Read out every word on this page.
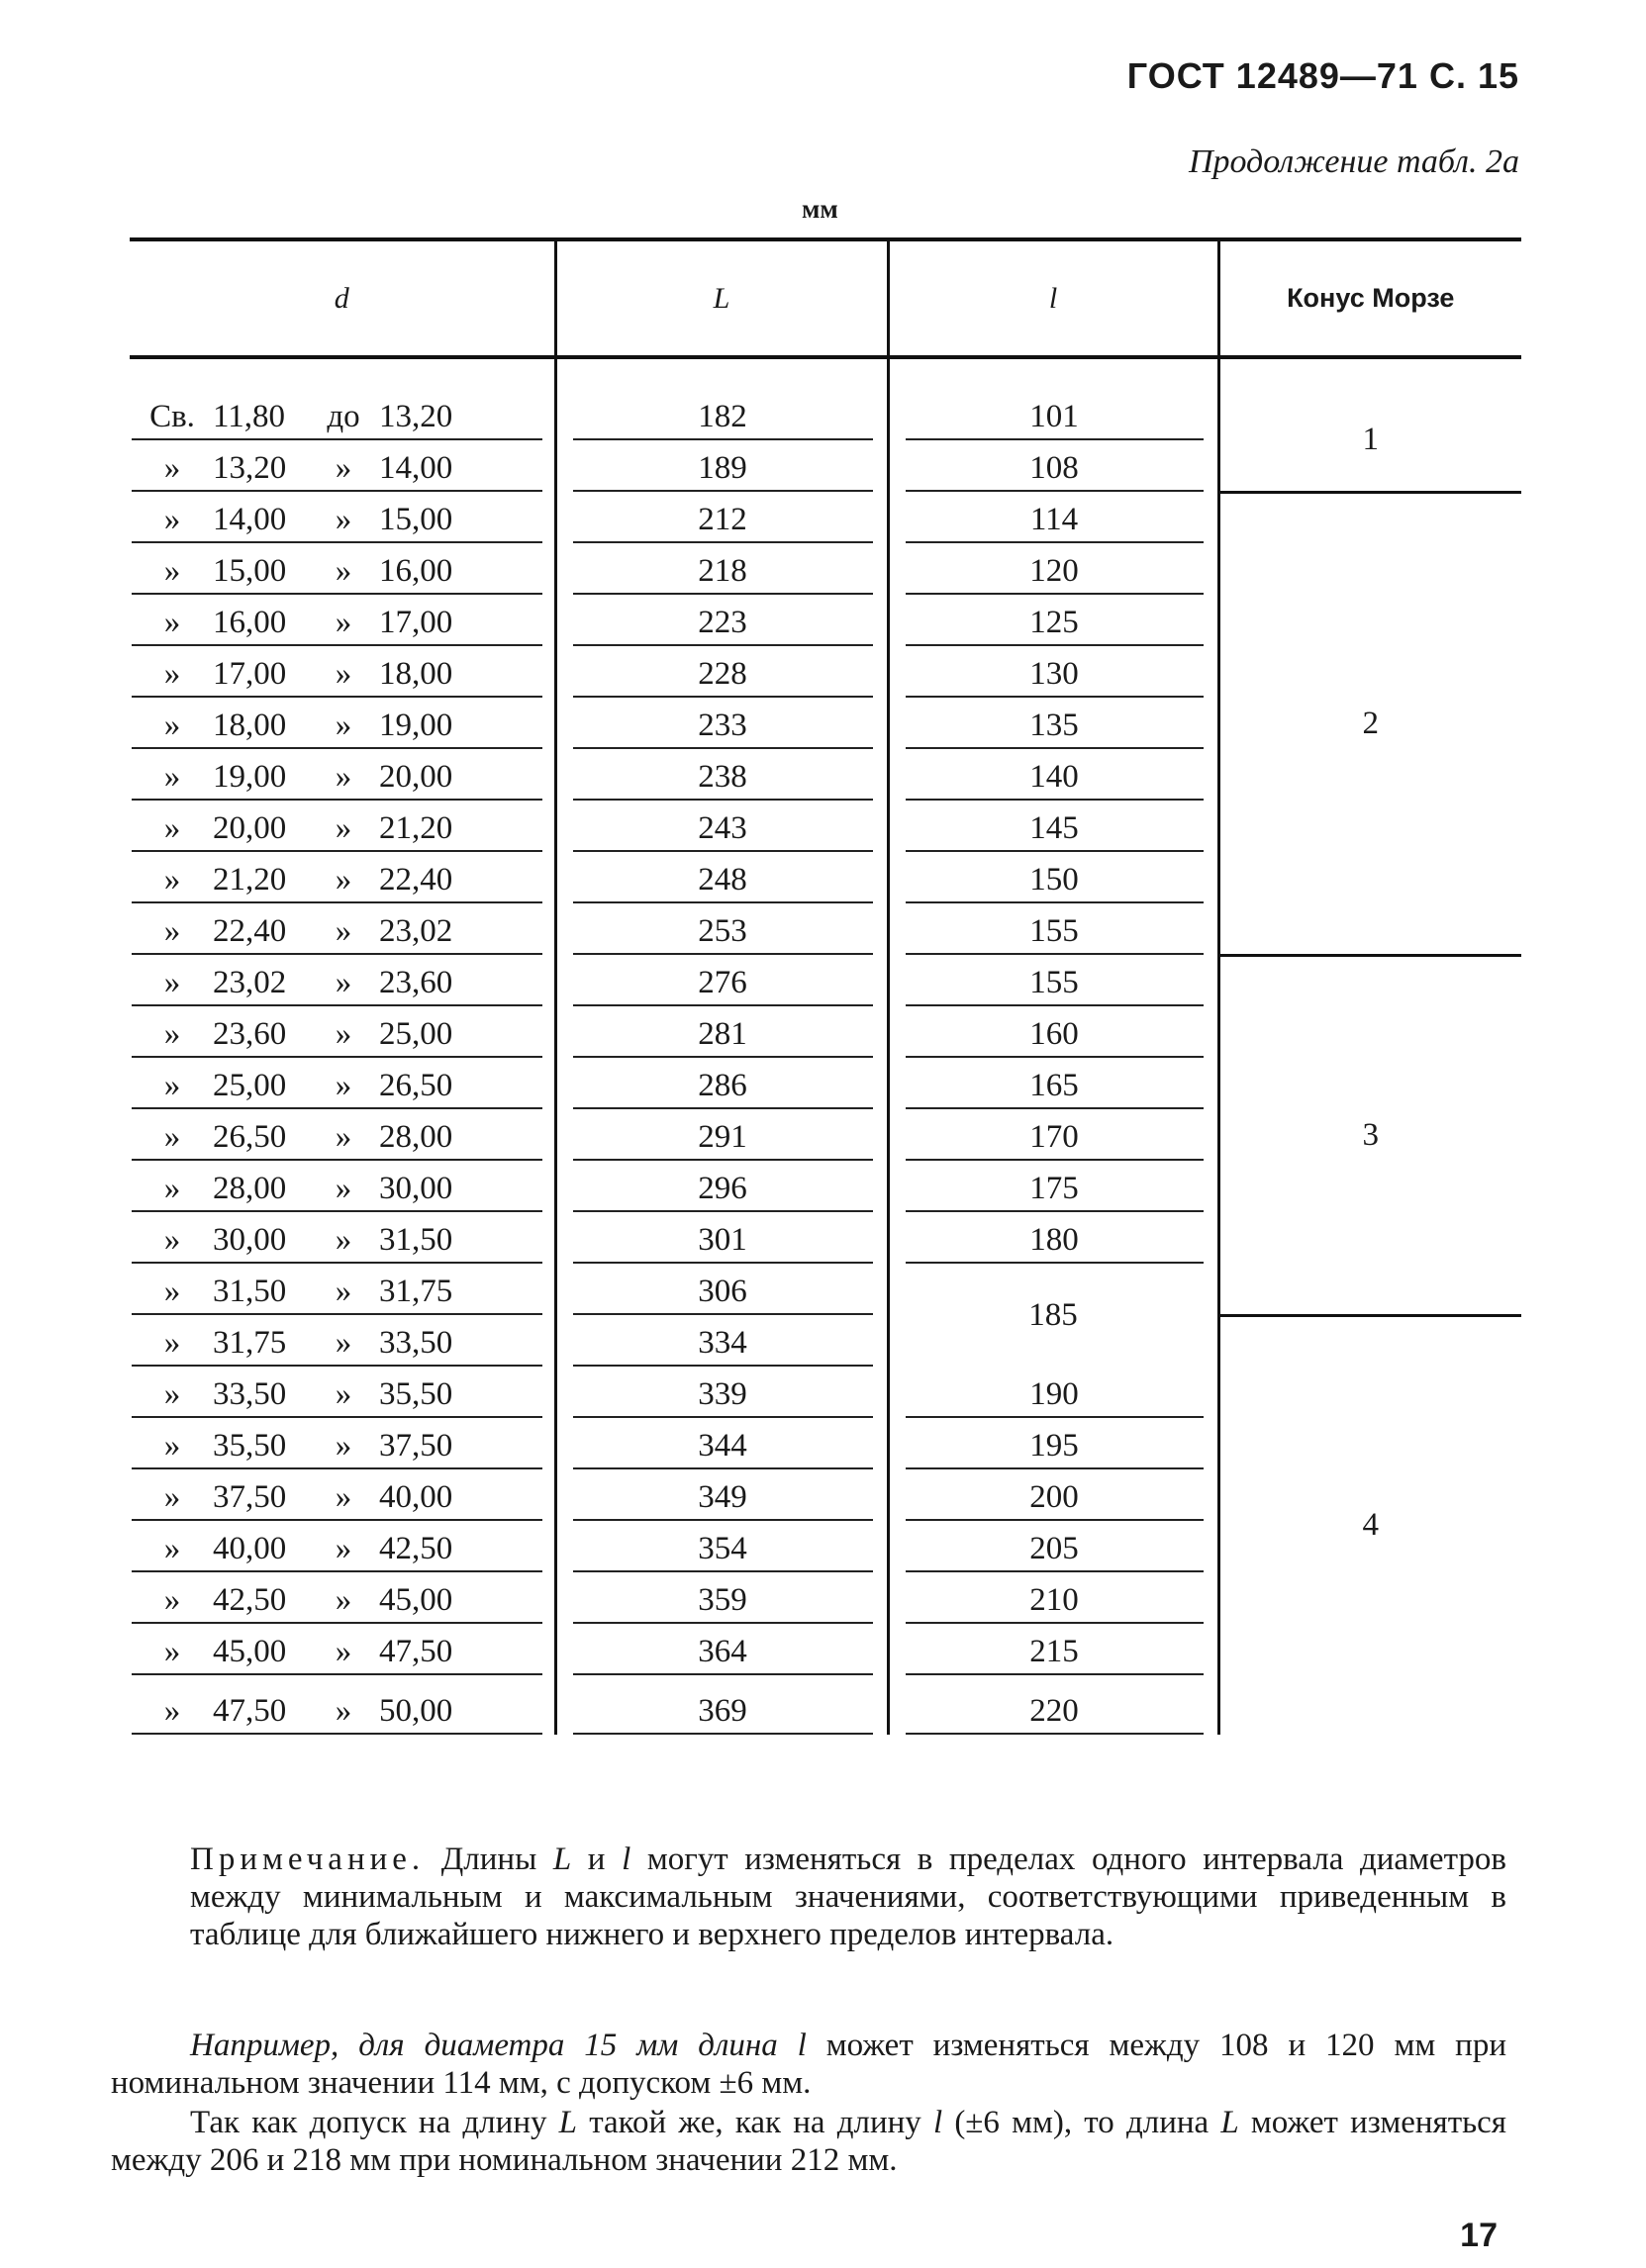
ГОСТ 12489—71 С. 15
Продолжение табл. 2а
мм
d	L	l	Конус Морзе

Св. 11,80 до 13,20	182	101	1

» 13,20 » 14,00	189	108	

» 14,00 » 15,00	212	114	2

» 15,00 » 16,00	218	120	

» 16,00 » 17,00	223	125	

» 17,00 » 18,00	228	130	

» 18,00 » 19,00	233	135	

» 19,00 » 20,00	238	140	

» 20,00 » 21,20	243	145	

» 21,20 » 22,40	248	150	

» 22,40 » 23,02	253	155	

» 23,02 » 23,60	276	155	3

» 23,60 » 25,00	281	160	

» 25,00 » 26,50	286	165	

» 26,50 » 28,00	291	170	

» 28,00 » 30,00	296	175	

» 30,00 » 31,50	301	180	

» 31,50 » 31,75	306	185	

» 31,75 » 33,50	334		4

» 33,50 » 35,50	339	190	

» 35,50 » 37,50	344	195	

» 37,50 » 40,00	349	200	

» 40,00 » 42,50	354	205	

» 42,50 » 45,00	359	210	

» 45,00 » 47,50	364	215	

» 47,50 » 50,00	369	220	
Примечание. Длины L и l могут изменяться в пределах одного интервала диаметров между минимальным и максимальным значениями, соответствующими приведенным в таблице для ближайшего нижнего и верхнего пределов интервала.
Например, для диаметра 15 мм длина l может изменяться между 108 и 120 мм при номинальном значении 114 мм, с допуском ±6 мм.
Так как допуск на длину L такой же, как на длину l (±6 мм), то длина L может изменяться между 206 и 218 мм при номинальном значении 212 мм.
17
